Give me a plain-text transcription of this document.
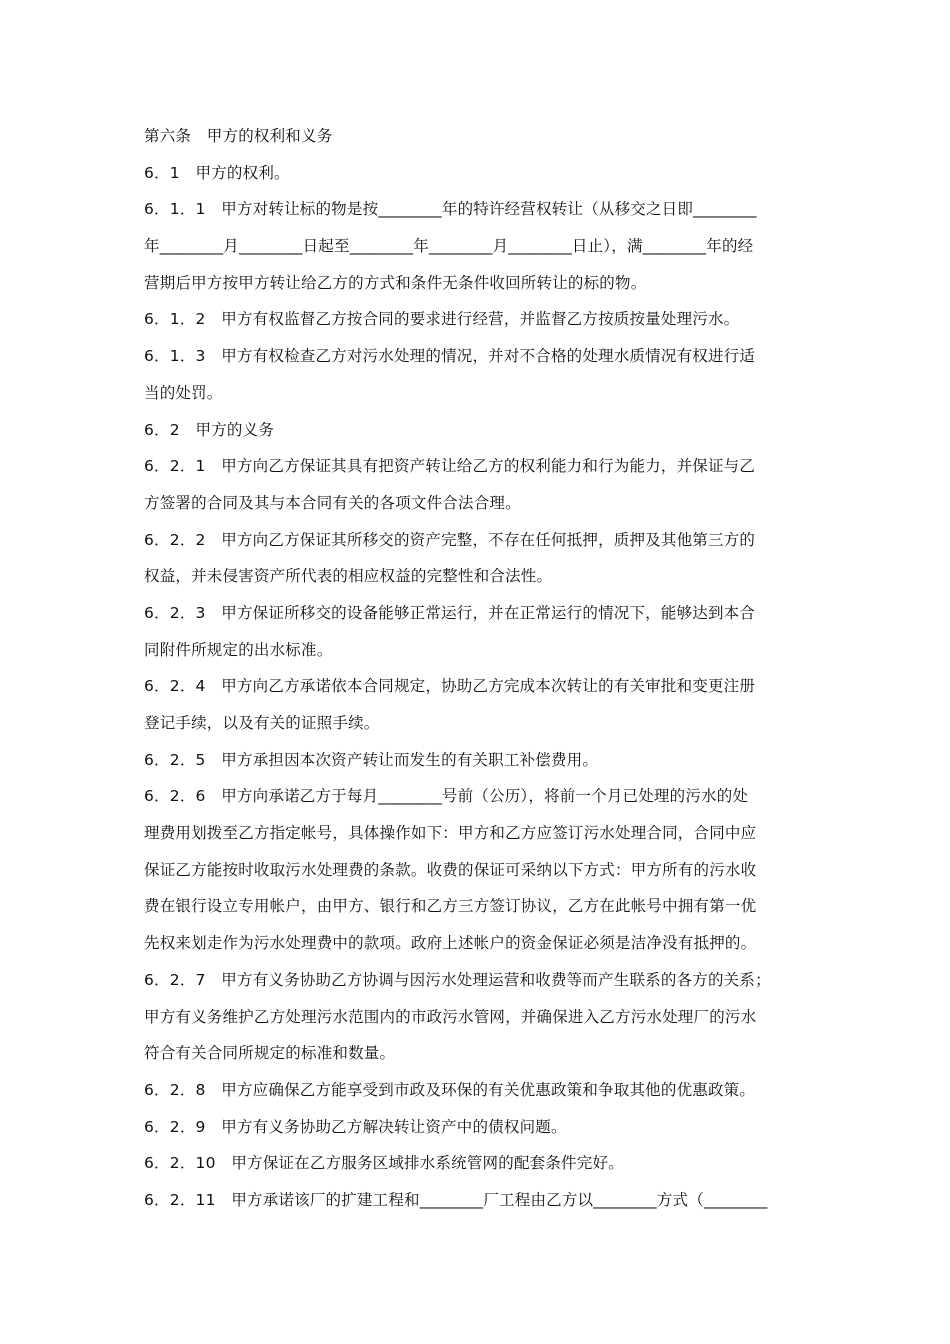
第六条　甲方的权利和义务
6．1　甲方的权利。
6．1．1　甲方对转让标的物是按________年的特许经营权转让（从移交之日即________
年________月________日起至________年________月________日止），满________年的经
营期后甲方按甲方转让给乙方的方式和条件无条件收回所转让的标的物。
6．1．2　甲方有权监督乙方按合同的要求进行经营，并监督乙方按质按量处理污水。
6．1．3　甲方有权检查乙方对污水处理的情况，并对不合格的处理水质情况有权进行适
当的处罚。
6．2　甲方的义务
6．2．1　甲方向乙方保证其具有把资产转让给乙方的权利能力和行为能力，并保证与乙
方签署的合同及其与本合同有关的各项文件合法合理。
6．2．2　甲方向乙方保证其所移交的资产完整，不存在任何抵押，质押及其他第三方的
权益，并未侵害资产所代表的相应权益的完整性和合法性。
6．2．3　甲方保证所移交的设备能够正常运行，并在正常运行的情况下，能够达到本合
同附件所规定的出水标准。
6．2．4　甲方向乙方承诺依本合同规定，协助乙方完成本次转让的有关审批和变更注册
登记手续，以及有关的证照手续。
6．2．5　甲方承担因本次资产转让而发生的有关职工补偿费用。
6．2．6　甲方向承诺乙方于每月________号前（公历），将前一个月已处理的污水的处
理费用划拨至乙方指定帐号，具体操作如下：甲方和乙方应签订污水处理合同，合同中应
保证乙方能按时收取污水处理费的条款。收费的保证可采纳以下方式：甲方所有的污水收
费在银行设立专用帐户，由甲方、银行和乙方三方签订协议，乙方在此帐号中拥有第一优
先权来划走作为污水处理费中的款项。政府上述帐户的资金保证必须是洁净没有抵押的。
6．2．7　甲方有义务协助乙方协调与因污水处理运营和收费等而产生联系的各方的关系；
甲方有义务维护乙方处理污水范围内的市政污水管网，并确保进入乙方污水处理厂的污水
符合有关合同所规定的标准和数量。
6．2．8　甲方应确保乙方能享受到市政及环保的有关优惠政策和争取其他的优惠政策。
6．2．9　甲方有义务协助乙方解决转让资产中的债权问题。
6．2．10　甲方保证在乙方服务区域排水系统管网的配套条件完好。
6．2．11　甲方承诺该厂的扩建工程和________厂工程由乙方以________方式（________
